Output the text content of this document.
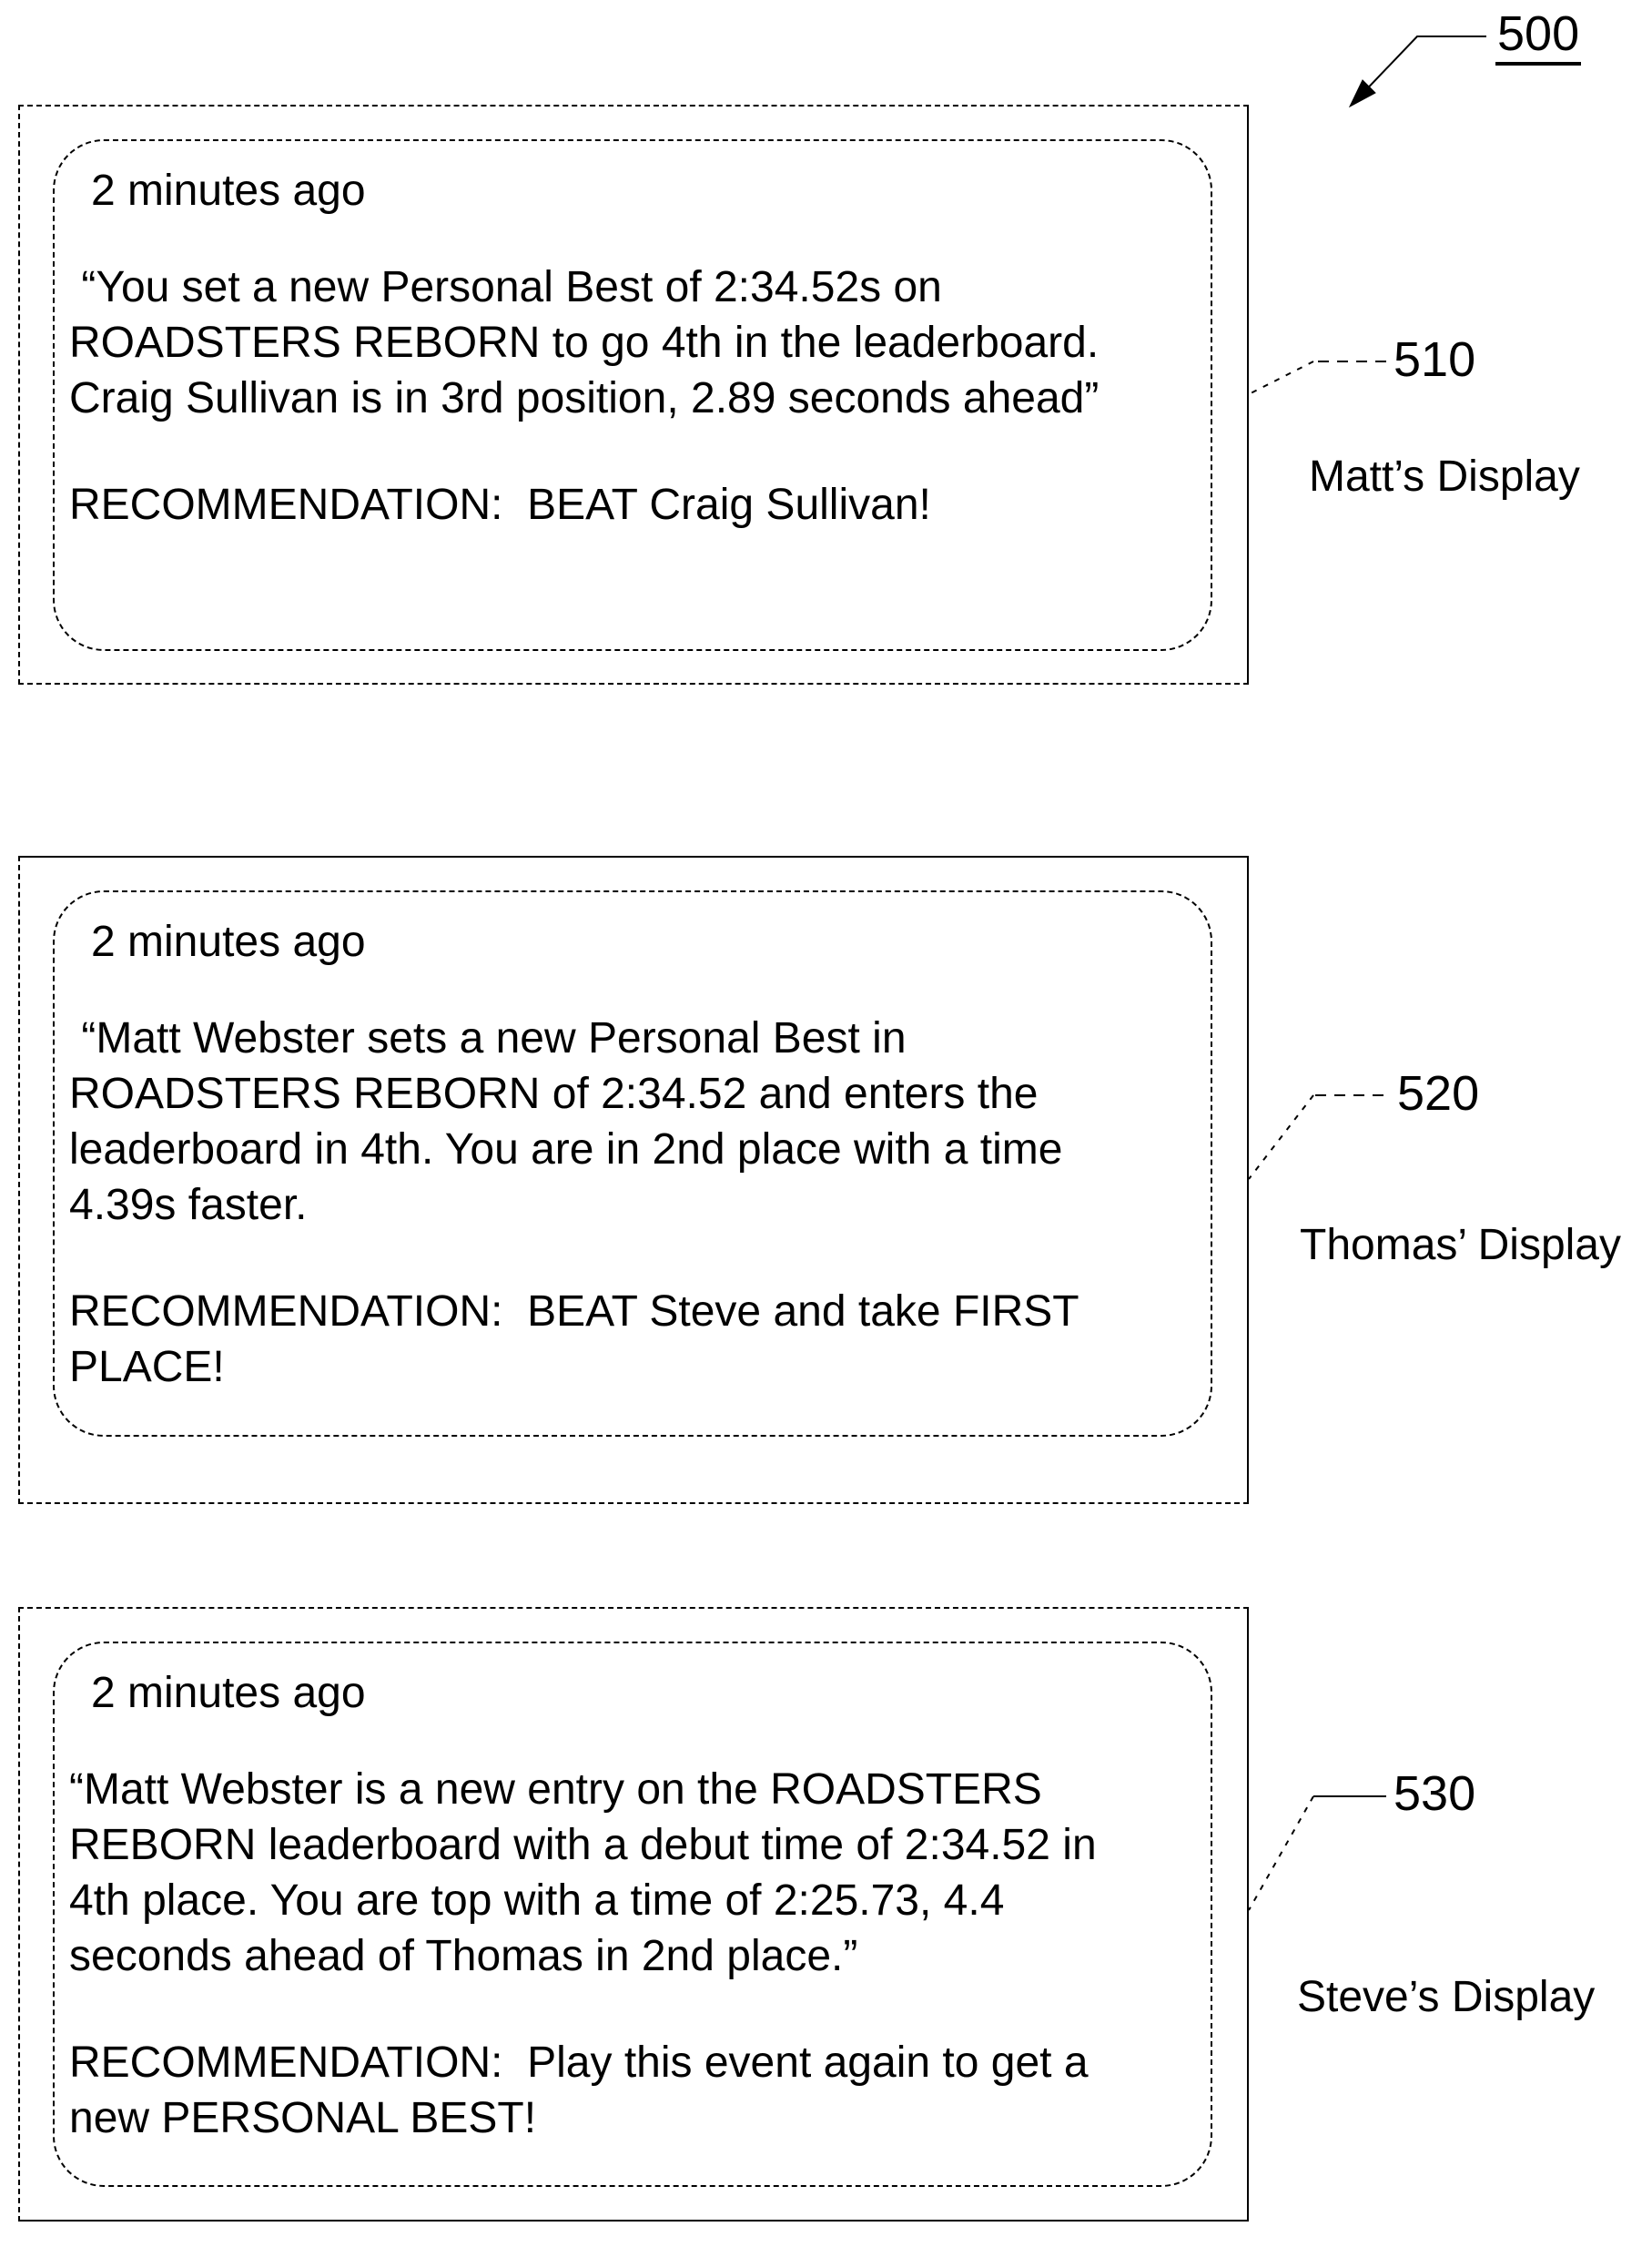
500
2 minutes ago
“You set a new Personal Best of 2:34.52s on
ROADSTERS REBORN to go 4th in the leaderboard.
Craig Sullivan is in 3rd position, 2.89 seconds ahead”
RECOMMENDATION:  BEAT Craig Sullivan!
510
Matt’s Display
2 minutes ago
“Matt Webster sets a new Personal Best in
ROADSTERS REBORN of 2:34.52 and enters the
leaderboard in 4th. You are in 2nd place with a time
4.39s faster.
RECOMMENDATION:  BEAT Steve and take FIRST
PLACE!
520
Thomas’ Display
2 minutes ago
“Matt Webster is a new entry on the ROADSTERS
REBORN leaderboard with a debut time of 2:34.52 in
4th place. You are top with a time of 2:25.73, 4.4
seconds ahead of Thomas in 2nd place.”
RECOMMENDATION:  Play this event again to get a
new PERSONAL BEST!
530
Steve’s Display
